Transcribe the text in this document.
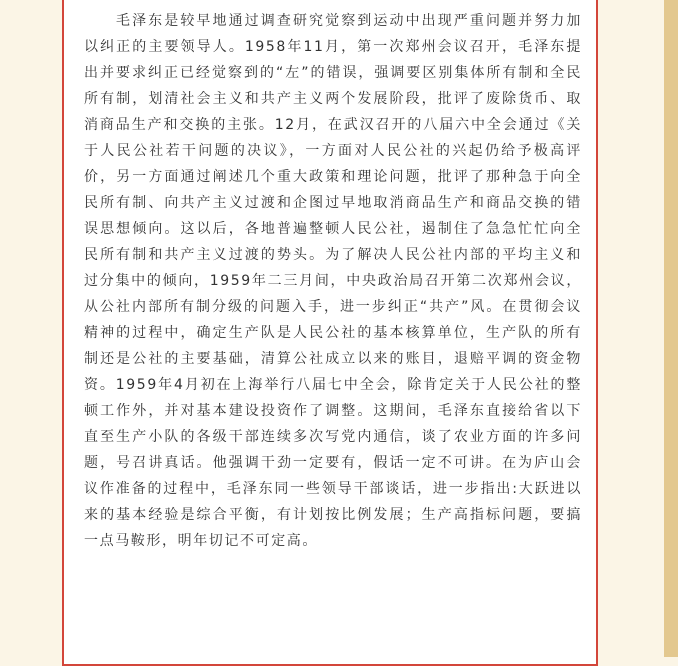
毛泽东是较早地通过调查研究觉察到运动中出现严重问题并努力加以纠正的主要领导人。1958年11月，第一次郑州会议召开，毛泽东提出并要求纠正已经觉察到的“左”的错误，强调要区别集体所有制和全民所有制，划清社会主义和共产主义两个发展阶段，批评了废除货币、取消商品生产和交换的主张。12月，在武汉召开的八届六中全会通过《关于人民公社若干问题的决议》，一方面对人民公社的兴起仍给予极高评价，另一方面通过阐述几个重大政策和理论问题，批评了那种急于向全民所有制、向共产主义过渡和企图过早地取消商品生产和商品交换的错误思想倾向。这以后，各地普遍整顿人民公社，遏制住了急急忙忙向全民所有制和共产主义过渡的势头。为了解决人民公社内部的平均主义和过分集中的倾向，1959年二三月间，中央政治局召开第二次郑州会议，从公社内部所有制分级的问题入手，进一步纠正“共产”风。在贯彻会议精神的过程中，确定生产队是人民公社的基本核算单位，生产队的所有制还是公社的主要基础，清算公社成立以来的账目，退赔平调的资金物资。1959年4月初在上海举行八届七中全会，除肯定关于人民公社的整顿工作外，并对基本建设投资作了调整。这期间，毛泽东直接给省以下直至生产小队的各级干部连续多次写党内通信，谈了农业方面的许多问题，号召讲真话。他强调干劲一定要有，假话一定不可讲。在为庐山会议作准备的过程中，毛泽东同一些领导干部谈话，进一步指出:大跃进以来的基本经验是综合平衡，有计划按比例发展；生产高指标问题，要搞一点马鞍形，明年切记不可定高。
